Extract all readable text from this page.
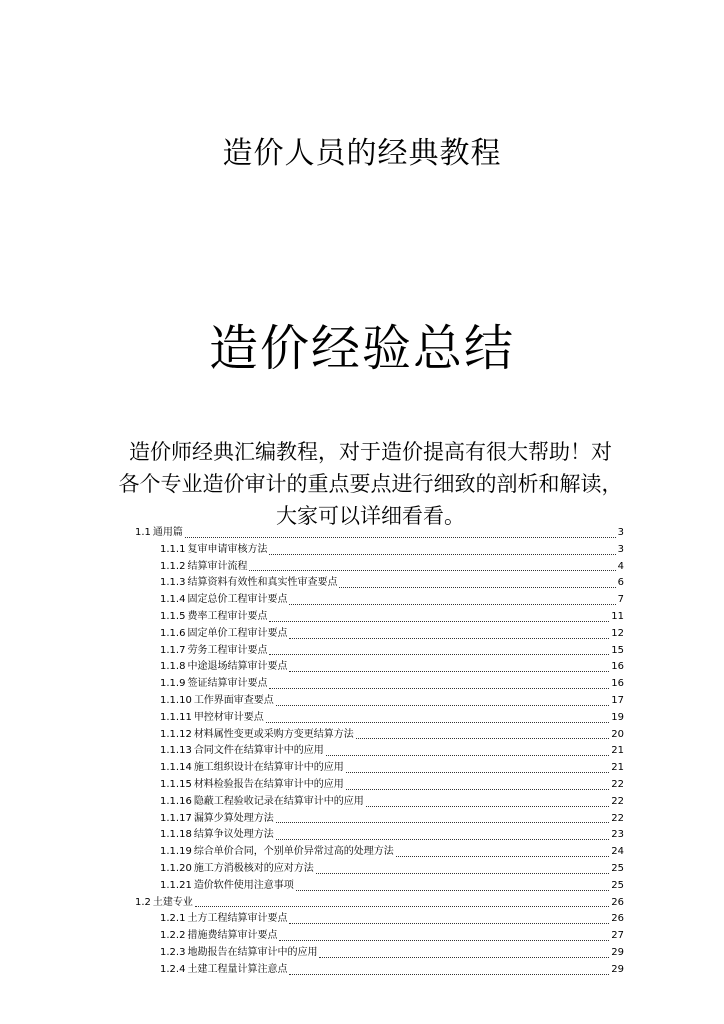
造价人员的经典教程
造价经验总结
造价师经典汇编教程，对于造价提高有很大帮助！对
各个专业造价审计的重点要点进行细致的剖析和解读，
大家可以详细看看。
1.1 通用篇	3
1.1.1 复审申请审核方法	3
1.1.2 结算审计流程	4
1.1.3 结算资料有效性和真实性审查要点	6
1.1.4 固定总价工程审计要点	7
1.1.5 费率工程审计要点	11
1.1.6 固定单价工程审计要点	12
1.1.7 劳务工程审计要点	15
1.1.8 中途退场结算审计要点	16
1.1.9 签证结算审计要点	16
1.1.10 工作界面审查要点	17
1.1.11 甲控材审计要点	19
1.1.12 材料属性变更或采购方变更结算方法	20
1.1.13 合同文件在结算审计中的应用	21
1.1.14 施工组织设计在结算审计中的应用	21
1.1.15 材料检验报告在结算审计中的应用	22
1.1.16 隐蔽工程验收记录在结算审计中的应用	22
1.1.17 漏算少算处理方法	22
1.1.18 结算争议处理方法	23
1.1.19 综合单价合同，个别单价异常过高的处理方法	24
1.1.20 施工方消极核对的应对方法	25
1.1.21 造价软件使用注意事项	25
1.2 土建专业	26
1.2.1 土方工程结算审计要点	26
1.2.2 措施费结算审计要点	27
1.2.3 地勘报告在结算审计中的应用	29
1.2.4 土建工程量计算注意点	29
